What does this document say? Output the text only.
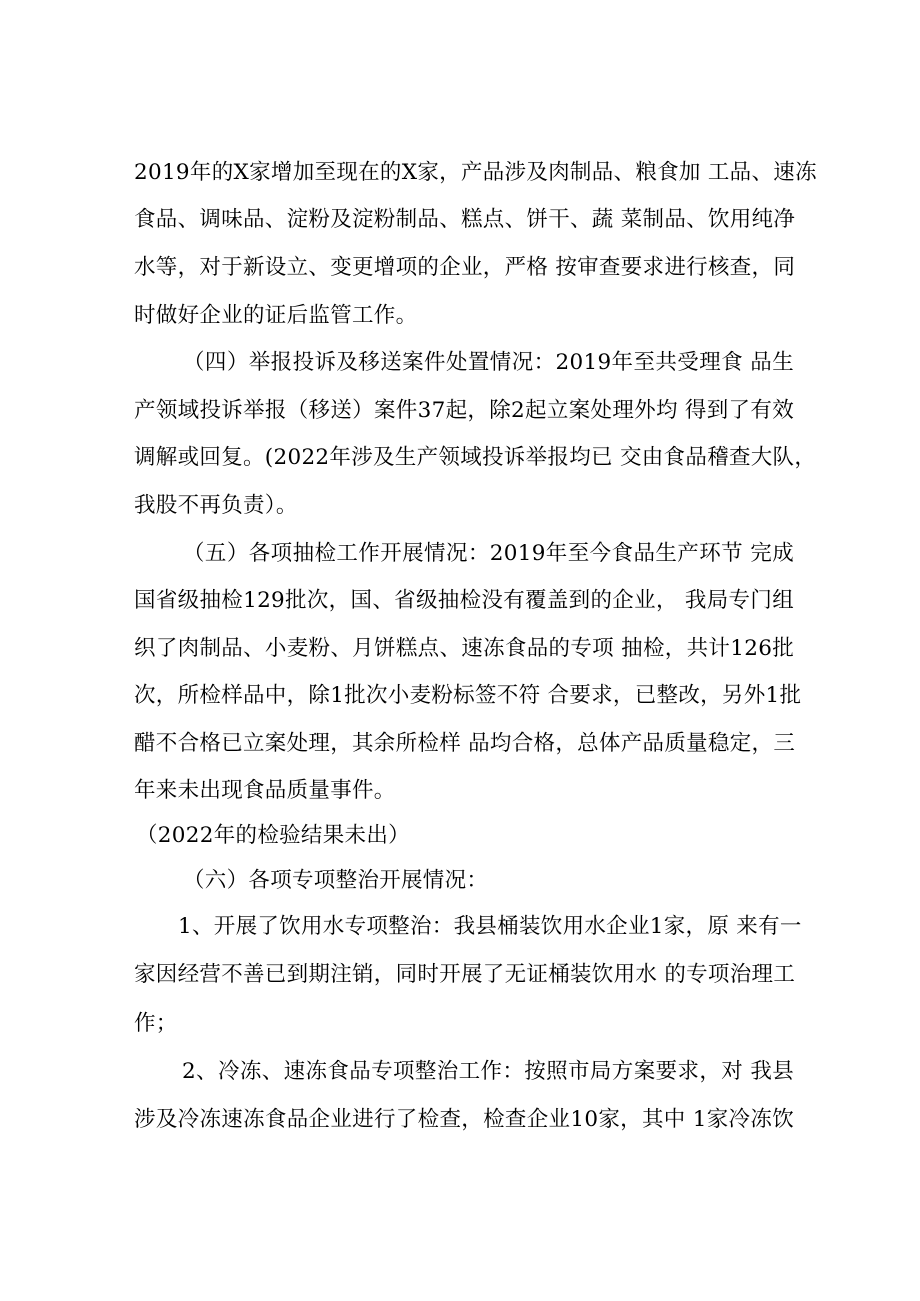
2019年的X家增加至现在的X家，产品涉及肉制品、粮食加 工品、速冻
食品、调味品、淀粉及淀粉制品、糕点、饼干、蔬 菜制品、饮用纯净
水等，对于新设立、变更增项的企业，严格 按审查要求进行核查，同
时做好企业的证后监管工作。
（四）举报投诉及移送案件处置情况：2019年至共受理食 品生
产领域投诉举报（移送）案件37起，除2起立案处理外均 得到了有效
调解或回复。(2022年涉及生产领域投诉举报均已 交由食品稽查大队，
我股不再负责）。
（五）各项抽检工作开展情况：2019年至今食品生产环节 完成
国省级抽检129批次，国、省级抽检没有覆盖到的企业， 我局专门组
织了肉制品、小麦粉、月饼糕点、速冻食品的专项 抽检，共计126批
次，所检样品中，除1批次小麦粉标签不符 合要求，已整改，另外1批
醋不合格已立案处理，其余所检样 品均合格，总体产品质量稳定，三
年来未出现食品质量事件。
（2022年的检验结果未出）
（六）各项专项整治开展情况：
1、开展了饮用水专项整治：我县桶装饮用水企业1家，原 来有一
家因经营不善已到期注销，同时开展了无证桶装饮用水 的专项治理工
作；
2、冷冻、速冻食品专项整治工作：按照市局方案要求，对 我县
涉及冷冻速冻食品企业进行了检查，检查企业10家，其中 1家冷冻饮
